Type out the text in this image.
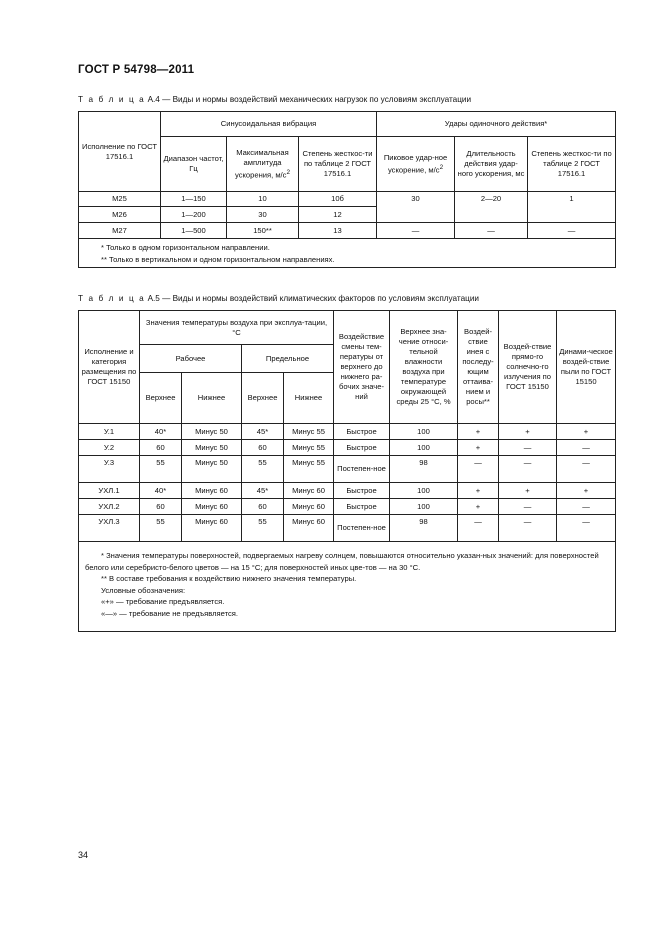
ГОСТ Р 54798—2011
Т а б л и ц а А.4 — Виды и нормы воздействий механических нагрузок по условиям эксплуатации
Исполнение по ГОСТ 17516.1	Синусоидальная вибрация			Удары одиночного действия*		
	Диапазон частот, Гц	Максимальная амплитуда ускорения, $м/с^2$	Степень жесткос-ти по таблице 2 ГОСТ 17516.1	Пиковое удар-ное ускорение, $м/с^2$	Длительность действия удар-ного ускорения, мс	Степень жесткос-ти по таблице 2 ГОСТ 17516.1
М25	1—150	10	10б	30	2—20	1
М26	1—200	30	12			
М27	1—500	150**	13	—	—	—

* Только в одном горизонтальном направлении.
** Только в вертикальном и одном горизонтальном направлениях.						
Т а б л и ц а А.5 — Виды и нормы воздействий климатических факторов по условиям эксплуатации
Исполнение и категория размещения по ГОСТ 15150	Значения температуры воздуха при эксплуа-тации, °С				Воздействие смены тем-пературы от верхнего до нижнего ра-бочих значе-ний	Верхнее зна-чение относи-тельной влажности воздуха при температуре окружающей среды 25 °С, %	Воздей-ствие инея с последу-ющим оттаива-нием и росы**	Воздей-ствие прямо-го солнечно-го излучения по ГОСТ 15150	Динами-ческое воздей-ствие пыли по ГОСТ 15150
	Рабочее		Предельное						
	Верхнее	Нижнее	Верхнее	Нижнее					
У.1	40*	Минус 50	45*	Минус 55	Быстрое	100	+	+	+
У.2	60	Минус 50	60	Минус 55	Быстрое	100	+	—	—
У.3	55	Минус 50	55	Минус 55	Постепен-ное	98	—	—	—
УХЛ.1	40*	Минус 60	45*	Минус 60	Быстрое	100	+	+	+
УХЛ.2	60	Минус 60	60	Минус 60	Быстрое	100	+	—	—
УХЛ.3	55	Минус 60	55	Минус 60	Постепен-ное	98	—	—	—

* Значения температуры поверхностей, подвергаемых нагреву солнцем, повышаются относительно указан-ных значений: для поверхностей белого или серебристо-белого цветов — на 15 °С; для поверхностей иных цве-тов — на 30 °С.
** В составе требования к воздействию нижнего значения температуры.
Условные обозначения:
«+» — требование предъявляется.
«—» — требование не предъявляется.									
34
